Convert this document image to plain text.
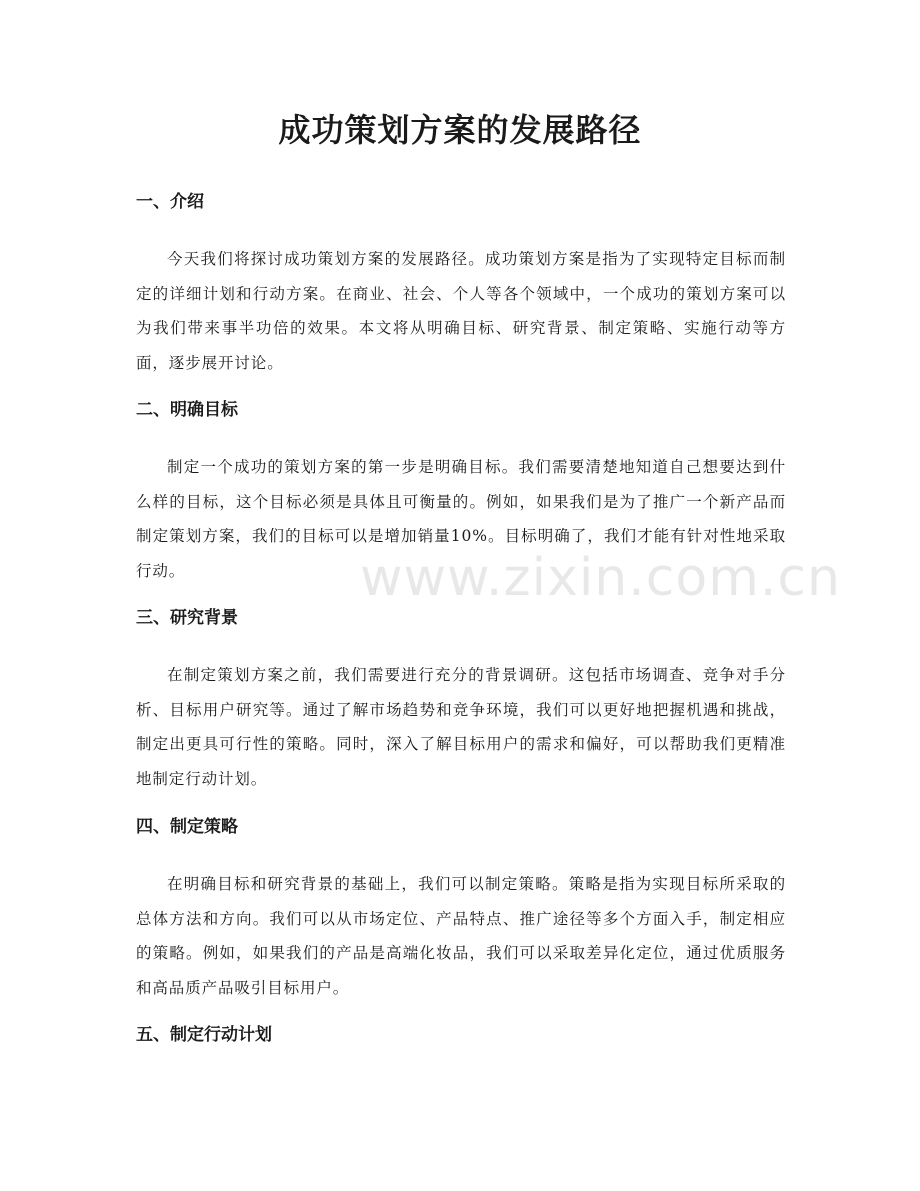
成功策划方案的发展路径
一、介绍

今天我们将探讨成功策划方案的发展路径。成功策划方案是指为了实现特定目标而制定的详细计划和行动方案。在商业、社会、个人等各个领域中，一个成功的策划方案可以为我们带来事半功倍的效果。本文将从明确目标、研究背景、制定策略、实施行动等方面，逐步展开讨论。

二、明确目标

制定一个成功的策划方案的第一步是明确目标。我们需要清楚地知道自己想要达到什么样的目标，这个目标必须是具体且可衡量的。例如，如果我们是为了推广一个新产品而制定策划方案，我们的目标可以是增加销量10%。目标明确了，我们才能有针对性地采取行动。

三、研究背景

在制定策划方案之前，我们需要进行充分的背景调研。这包括市场调查、竞争对手分析、目标用户研究等。通过了解市场趋势和竞争环境，我们可以更好地把握机遇和挑战，制定出更具可行性的策略。同时，深入了解目标用户的需求和偏好，可以帮助我们更精准地制定行动计划。

四、制定策略

在明确目标和研究背景的基础上，我们可以制定策略。策略是指为实现目标所采取的总体方法和方向。我们可以从市场定位、产品特点、推广途径等多个方面入手，制定相应的策略。例如，如果我们的产品是高端化妆品，我们可以采取差异化定位，通过优质服务和高品质产品吸引目标用户。

五、制定行动计划
www.zixin.com.cn
